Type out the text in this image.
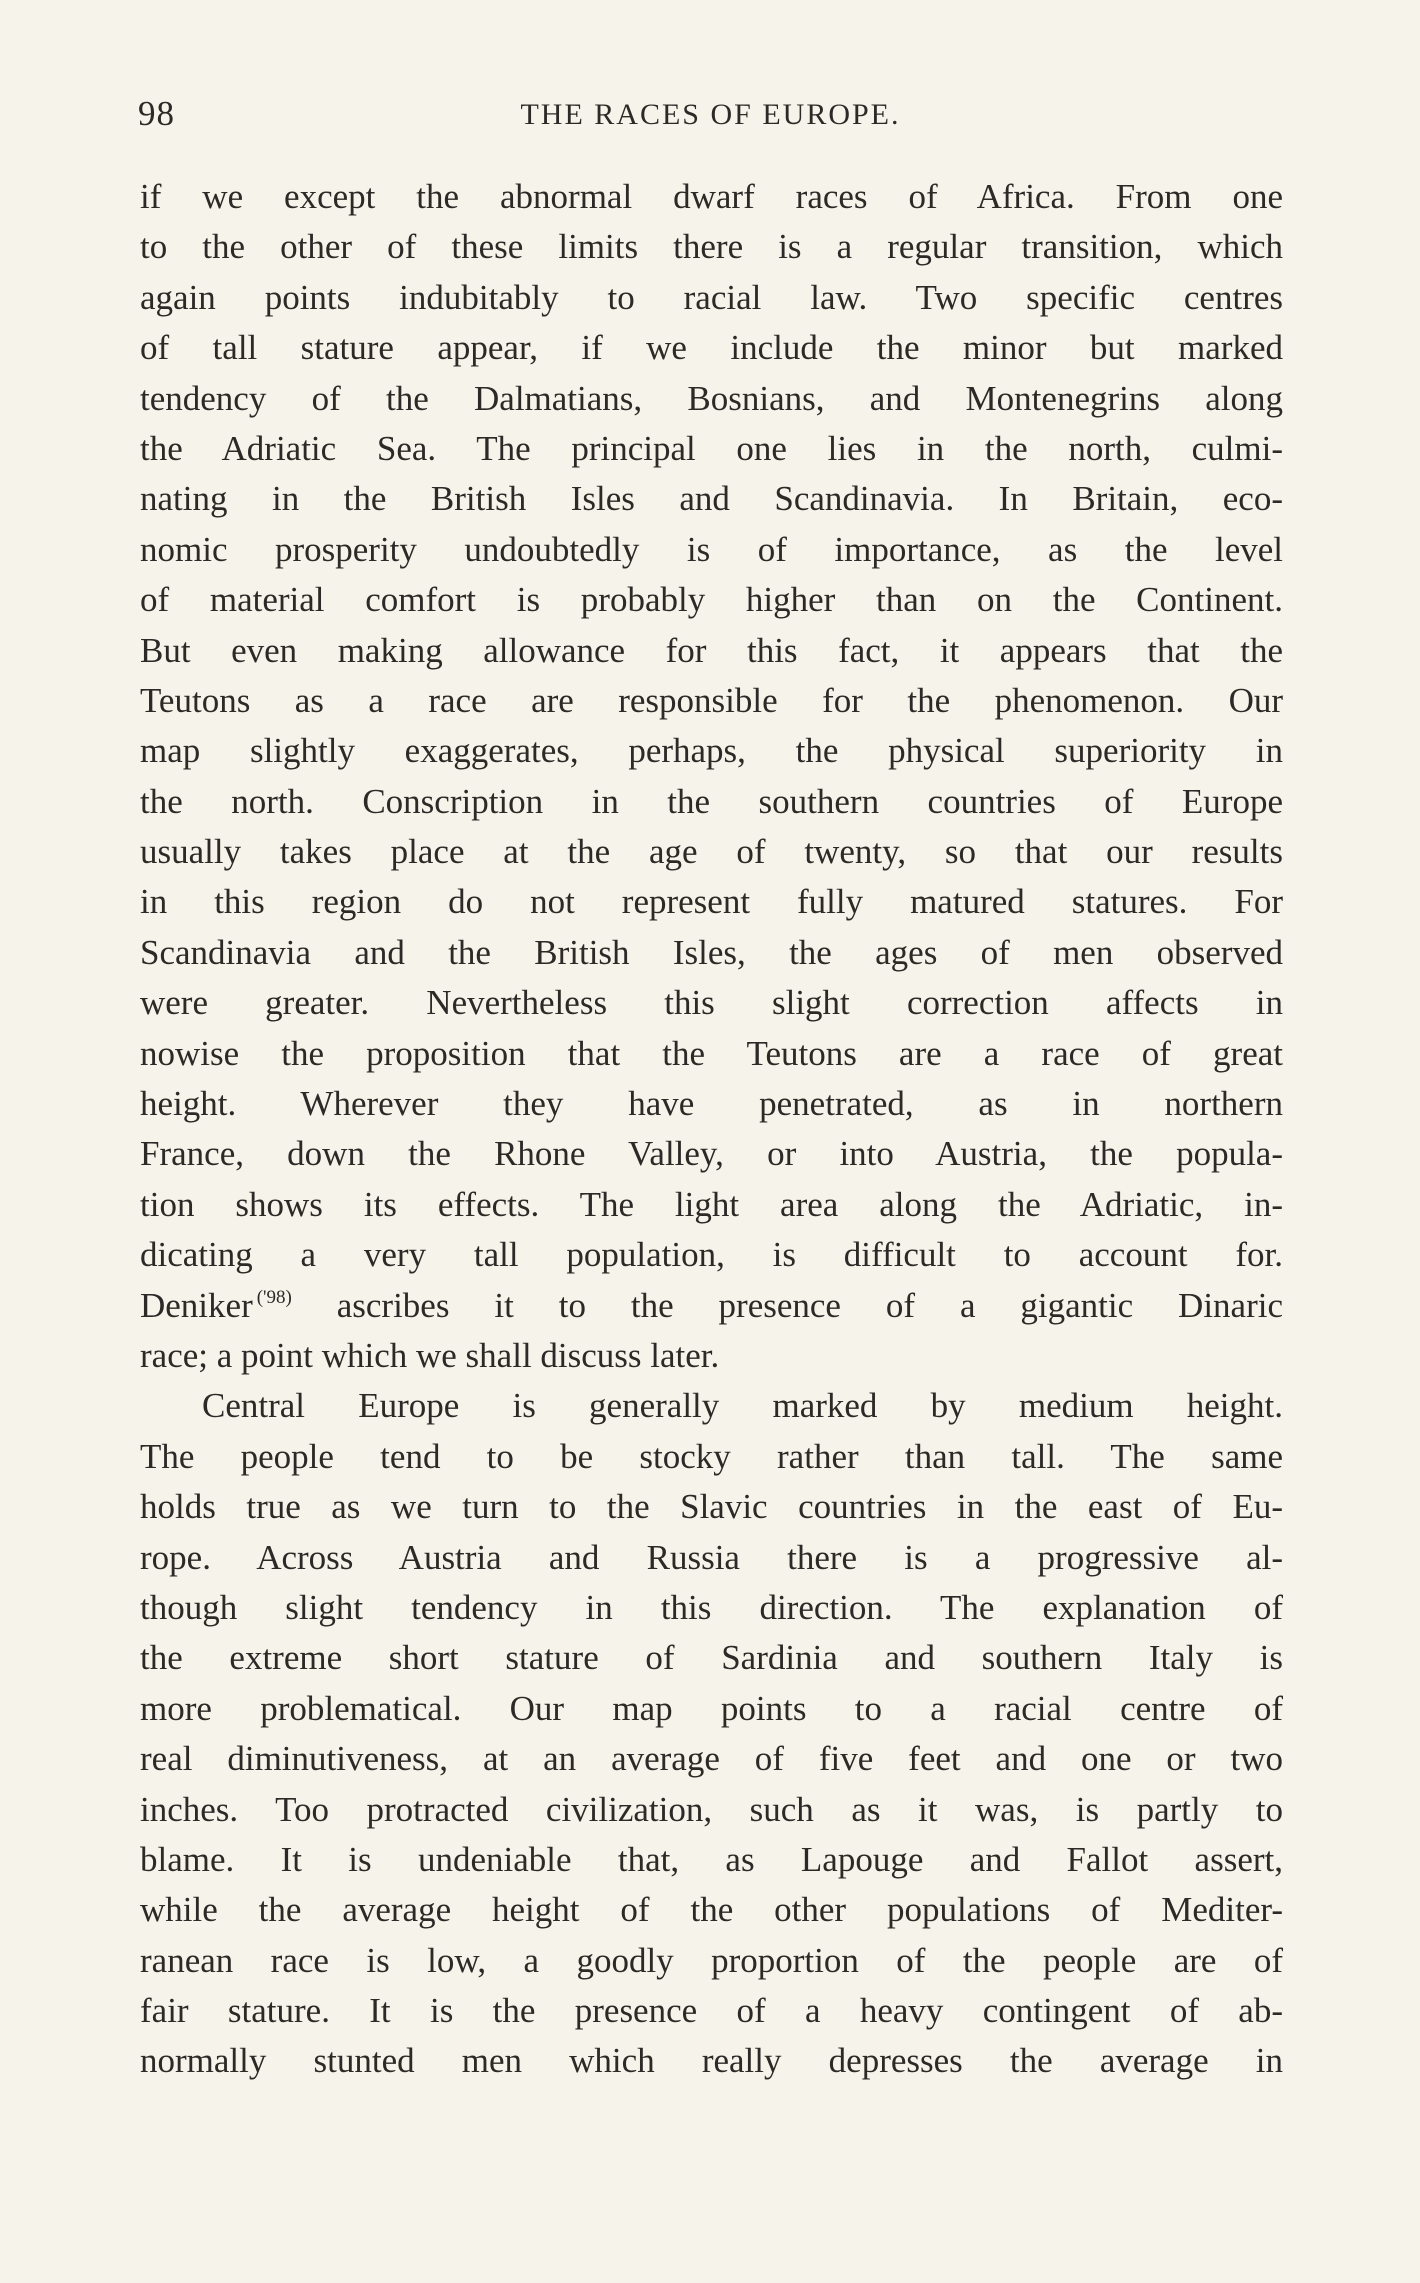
98	THE RACES OF EUROPE.
if we except the abnormal dwarf races of Africa. From one
to the other of these limits there is a regular transition, which
again points indubitably to racial law. Two specific centres
of tall stature appear, if we include the minor but marked
tendency of the Dalmatians, Bosnians, and Montenegrins along
the Adriatic Sea. The principal one lies in the north, culmi-
nating in the British Isles and Scandinavia. In Britain, eco-
nomic prosperity undoubtedly is of importance, as the level
of material comfort is probably higher than on the Continent.
But even making allowance for this fact, it appears that the
Teutons as a race are responsible for the phenomenon. Our
map slightly exaggerates, perhaps, the physical superiority in
the north. Conscription in the southern countries of Europe
usually takes place at the age of twenty, so that our results
in this region do not represent fully matured statures. For
Scandinavia and the British Isles, the ages of men observed
were greater. Nevertheless this slight correction affects in
nowise the proposition that the Teutons are a race of great
height. Wherever they have penetrated, as in northern
France, down the Rhone Valley, or into Austria, the popula-
tion shows its effects. The light area along the Adriatic, in-
dicating a very tall population, is difficult to account for.
Deniker $^{('98)}$ ascribes it to the presence of a gigantic Dinaric
race; a point which we shall discuss later.
Central Europe is generally marked by medium height.
The people tend to be stocky rather than tall. The same
holds true as we turn to the Slavic countries in the east of Eu-
rope. Across Austria and Russia there is a progressive al-
though slight tendency in this direction. The explanation of
the extreme short stature of Sardinia and southern Italy is
more problematical. Our map points to a racial centre of
real diminutiveness, at an average of five feet and one or two
inches. Too protracted civilization, such as it was, is partly to
blame. It is undeniable that, as Lapouge and Fallot assert,
while the average height of the other populations of Mediter-
ranean race is low, a goodly proportion of the people are of
fair stature. It is the presence of a heavy contingent of ab-
normally stunted men which really depresses the average in
